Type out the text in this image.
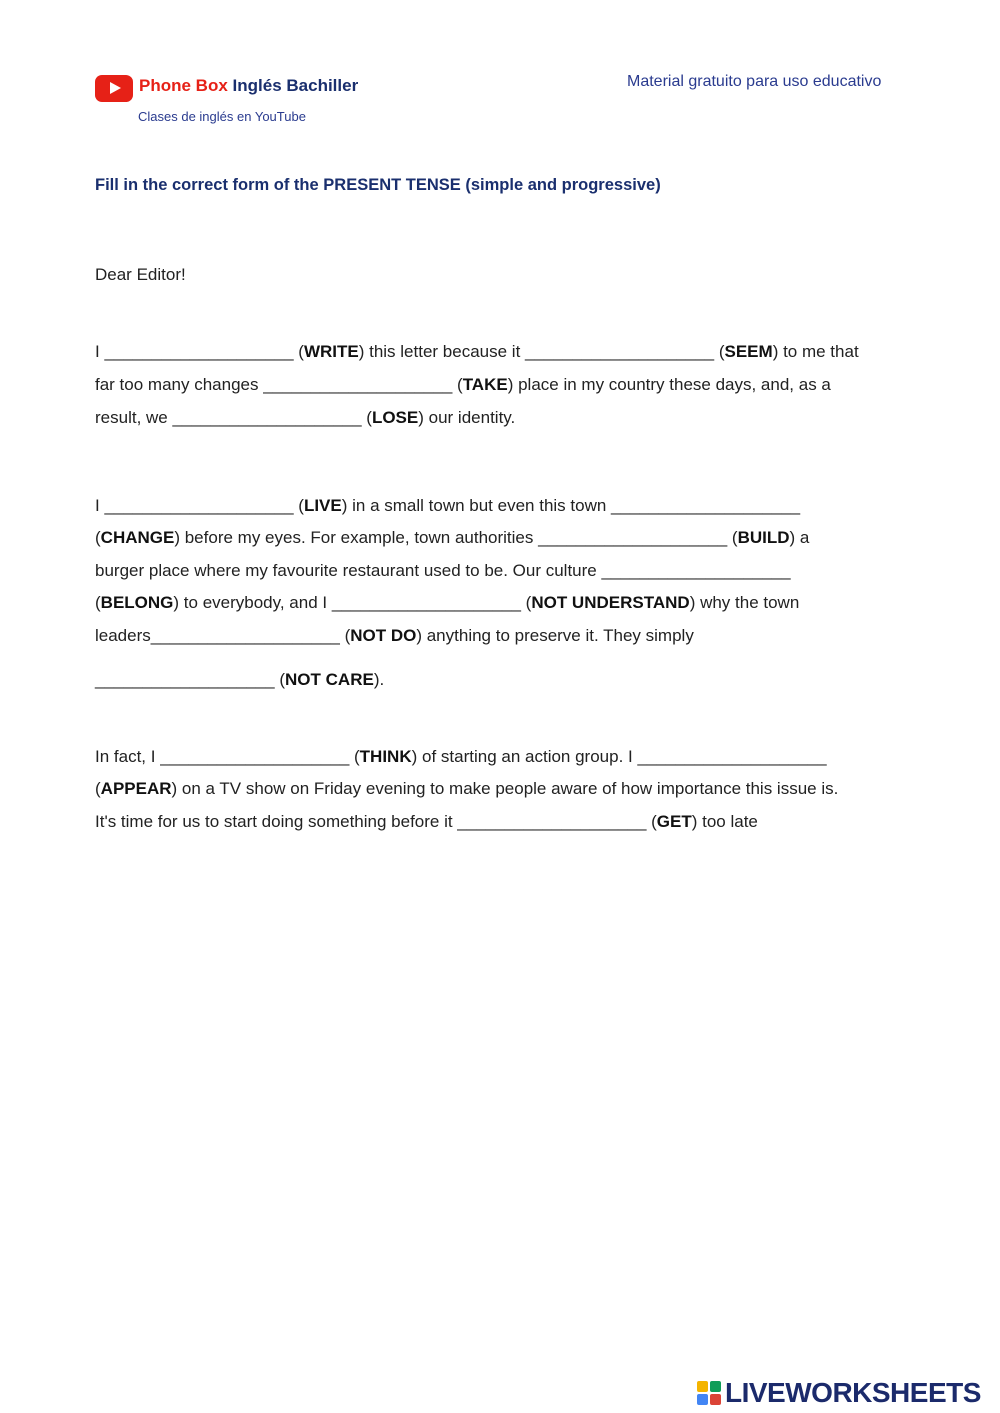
Phone Box Inglés Bachiller
Clases de inglés en YouTube
Material gratuito para uso educativo
Fill in the correct form of the PRESENT TENSE (simple and progressive)
Dear Editor!
I ____________________ (WRITE) this letter because it ____________________ (SEEM) to me that
far too many changes ____________________ (TAKE) place in my country these days, and, as a
result, we ____________________ (LOSE) our identity.
I ____________________ (LIVE) in a small town but even this town ____________________
(CHANGE) before my eyes. For example, town authorities ____________________ (BUILD) a
burger place where my favourite restaurant used to be. Our culture ____________________
(BELONG) to everybody, and I ____________________ (NOT UNDERSTAND) why the town
leaders____________________ (NOT DO) anything to preserve it. They simply
___________________ (NOT CARE).
In fact, I ____________________ (THINK) of starting an action group. I ____________________
(APPEAR) on a TV show on Friday evening to make people aware of how importance this issue is.
It's time for us to start doing something before it ____________________ (GET) too late
LIVEWORKSHEETS
